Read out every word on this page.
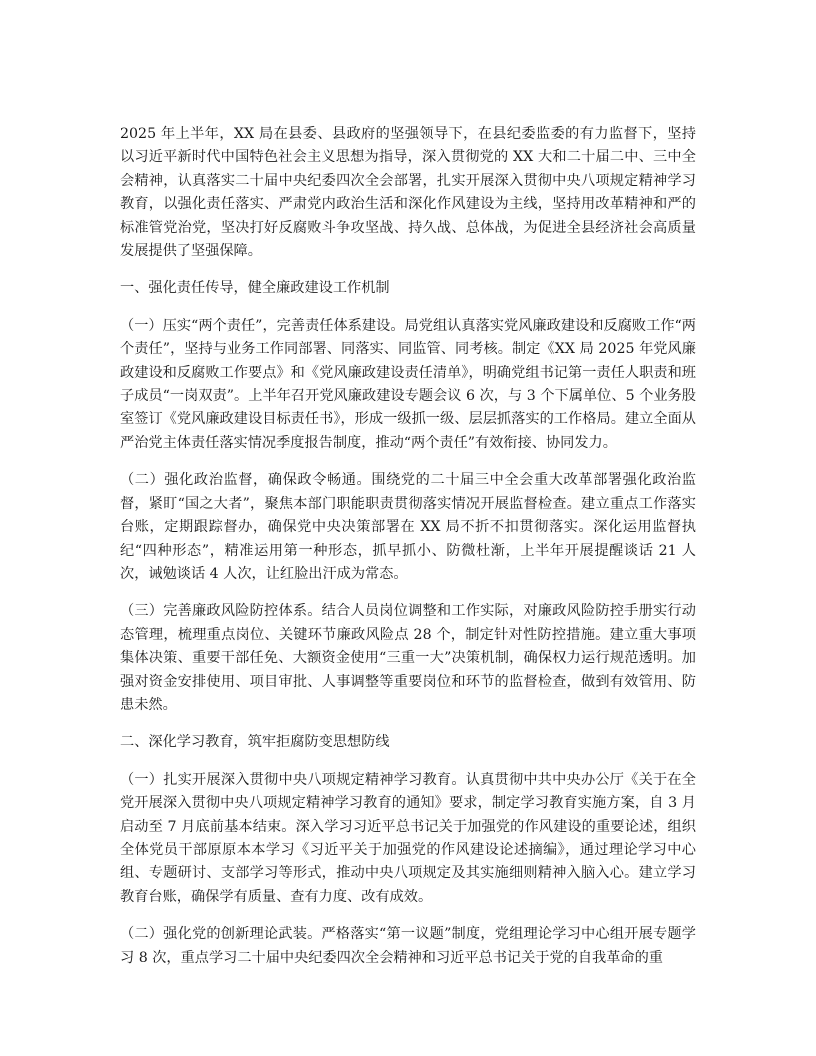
2025 年上半年，XX 局在县委、县政府的坚强领导下，在县纪委监委的有力监督下，坚持以习近平新时代中国特色社会主义思想为指导，深入贯彻党的 XX 大和二十届二中、三中全会精神，认真落实二十届中央纪委四次全会部署，扎实开展深入贯彻中央八项规定精神学习教育，以强化责任落实、严肃党内政治生活和深化作风建设为主线，坚持用改革精神和严的标准管党治党，坚决打好反腐败斗争攻坚战、持久战、总体战，为促进全县经济社会高质量发展提供了坚强保障。

一、强化责任传导，健全廉政建设工作机制

（一）压实“两个责任”，完善责任体系建设。局党组认真落实党风廉政建设和反腐败工作“两个责任”，坚持与业务工作同部署、同落实、同监管、同考核。制定《XX 局 2025 年党风廉政建设和反腐败工作要点》和《党风廉政建设责任清单》，明确党组书记第一责任人职责和班子成员“一岗双责”。上半年召开党风廉政建设专题会议 6 次，与 3 个下属单位、5 个业务股室签订《党风廉政建设目标责任书》，形成一级抓一级、层层抓落实的工作格局。建立全面从严治党主体责任落实情况季度报告制度，推动“两个责任”有效衔接、协同发力。

（二）强化政治监督，确保政令畅通。围绕党的二十届三中全会重大改革部署强化政治监督，紧盯“国之大者”，聚焦本部门职能职责贯彻落实情况开展监督检查。建立重点工作落实台账，定期跟踪督办，确保党中央决策部署在 XX 局不折不扣贯彻落实。深化运用监督执纪“四种形态”，精准运用第一种形态，抓早抓小、防微杜渐，上半年开展提醒谈话 21 人次，诫勉谈话 4 人次，让红脸出汗成为常态。

（三）完善廉政风险防控体系。结合人员岗位调整和工作实际，对廉政风险防控手册实行动态管理，梳理重点岗位、关键环节廉政风险点 28 个，制定针对性防控措施。建立重大事项集体决策、重要干部任免、大额资金使用“三重一大”决策机制，确保权力运行规范透明。加强对资金安排使用、项目审批、人事调整等重要岗位和环节的监督检查，做到有效管用、防患未然。

二、深化学习教育，筑牢拒腐防变思想防线

（一）扎实开展深入贯彻中央八项规定精神学习教育。认真贯彻中共中央办公厅《关于在全党开展深入贯彻中央八项规定精神学习教育的通知》要求，制定学习教育实施方案，自 3 月启动至 7 月底前基本结束。深入学习习近平总书记关于加强党的作风建设的重要论述，组织全体党员干部原原本本学习《习近平关于加强党的作风建设论述摘编》，通过理论学习中心组、专题研讨、支部学习等形式，推动中央八项规定及其实施细则精神入脑入心。建立学习教育台账，确保学有质量、查有力度、改有成效。

（二）强化党的创新理论武装。严格落实“第一议题”制度，党组理论学习中心组开展专题学习 8 次，重点学习二十届中央纪委四次全会精神和习近平总书记关于党的自我革命的重
